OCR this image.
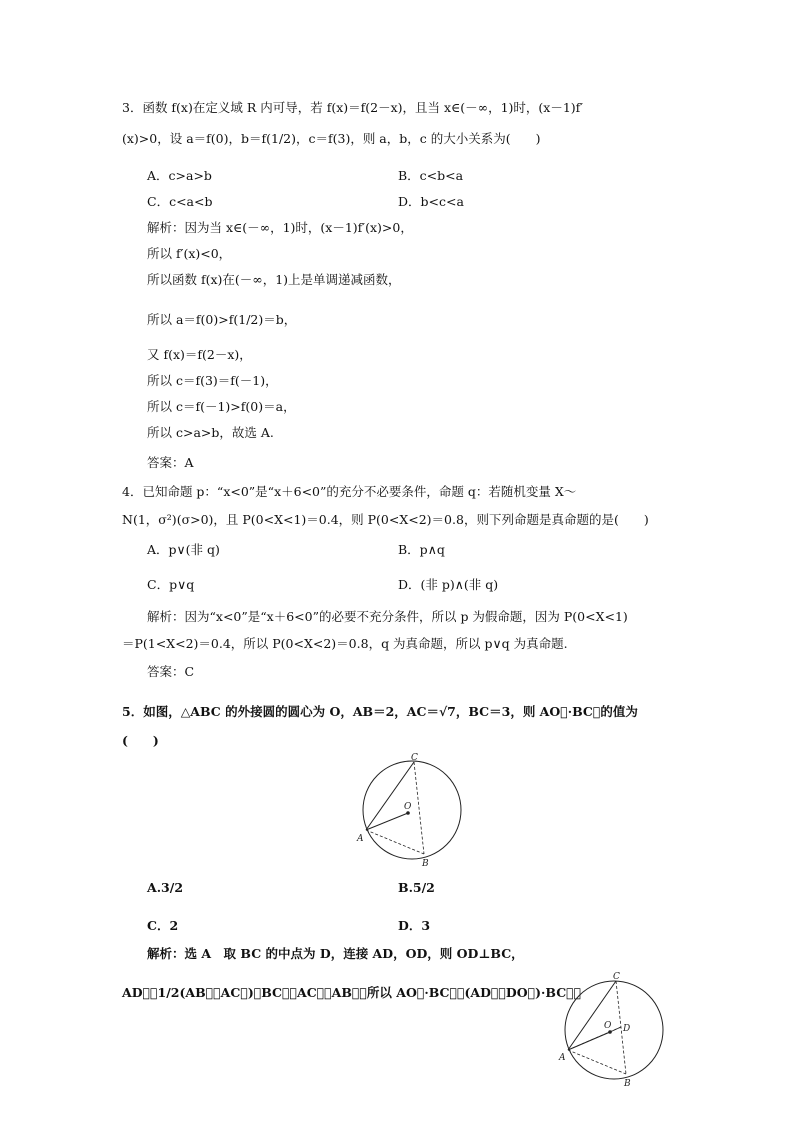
3．函数 f(x)在定义域 R 内可导，若 f(x)＝f(2－x)，且当 x∈(－∞，1)时，(x－1)f′
(x)>0，设 a＝f(0)，b＝f(1/2)，c＝f(3)，则 a，b，c 的大小关系为(　　)
A．c>a>b	B．c<b<a
C．c<a<b	D．b<c<a
解析：因为当 x∈(－∞，1)时，(x－1)f′(x)>0，
所以 f′(x)<0，
所以函数 f(x)在(－∞，1)上是单调递减函数，
所以 a＝f(0)>f(1/2)＝b，
又 f(x)＝f(2－x)，
所以 c＝f(3)＝f(－1)，
所以 c＝f(－1)>f(0)＝a，
所以 c>a>b，故选 A.
答案：A
4．已知命题 p：“x<0”是“x＋6<0”的充分不必要条件，命题 q：若随机变量 X～
N(1，σ²)(σ>0)，且 P(0<X<1)＝0.4，则 P(0<X<2)＝0.8，则下列命题是真命题的是(　　)
A．p∨(非 q)	B．p∧q
C．p∨q	D．(非 p)∧(非 q)
解析：因为“x<0”是“x＋6<0”的必要不充分条件，所以 p 为假命题，因为 P(0<X<1)
＝P(1<X<2)＝0.4，所以 P(0<X<2)＝0.8，q 为真命题，所以 p∨q 为真命题.
答案：C
5．如图，△ABC 的外接圆的圆心为 O，AB＝2，AC＝√7，BC＝3，则 AO⃗·BC⃗的值为
(　　)
C
O
A
B
A.3/2	B.5/2
C．2	D．3
解析：选 A　取 BC 的中点为 D，连接 AD，OD，则 OD⊥BC，
AD⃗＝1/2(AB⃗＋AC⃗)，BC⃗＝AC⃗－AB⃗，所以 AO⃗·BC⃗＝(AD⃗＋DO⃗)·BC⃗＝
C
O D
A
B
